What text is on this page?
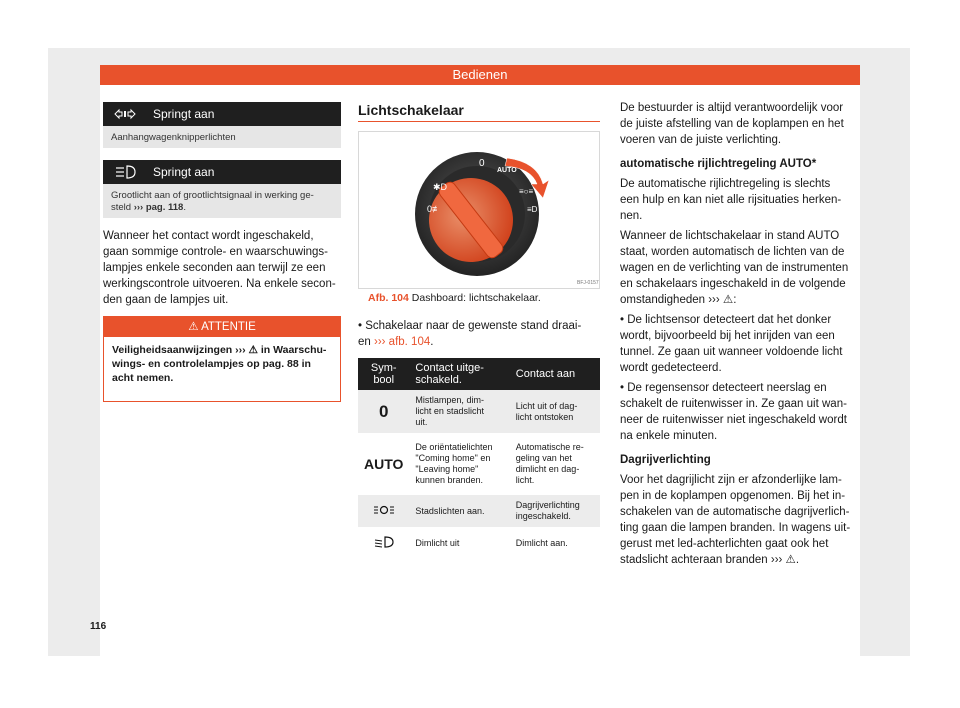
Bedienen
Springt aan
Aanhangwagenknipperlichten
Springt aan
Grootlicht aan of grootlichtsignaal in werking ge-
steld ››› pag. 118.
Wanneer het contact wordt ingeschakeld,
gaan sommige controle- en waarschuwings-
lampjes enkele seconden aan terwijl ze een
werkingscontrole uitvoeren. Na enkele secon-
den gaan de lampjes uit.
⚠ ATTENTIE
Veiligheidsaanwijzingen ››› ⚠ in Waarschu-
wings- en controlelampjes op pag. 88 in
acht nemen.
116
Lichtschakelaar
0
AUTO
✱D
0≢
≡○≡
≡D
BFJ-0157
Afb. 104 Dashboard: lichtschakelaar.
• Schakelaar naar de gewenste stand draai-
en ››› afb. 104.
Sym-
bool	Contact uitge-
schakeld.	Contact aan
0	Mistlampen, dim-
licht en stadslicht
uit.	Licht uit of dag-
licht ontstoken
AUTO	De oriëntatielichten
"Coming home" en
"Leaving home"
kunnen branden.	Automatische re-
geling van het
dimlicht en dag-
licht.
	Stadslichten aan.	Dagrijverlichting
ingeschakeld.
	Dimlicht uit	Dimlicht aan.
De bestuurder is altijd verantwoordelijk voor
de juiste afstelling van de koplampen en het
voeren van de juiste verlichting.
automatische rijlichtregeling AUTO*
De automatische rijlichtregeling is slechts
een hulp en kan niet alle rijsituaties herken-
nen.
Wanneer de lichtschakelaar in stand AUTO
staat, worden automatisch de lichten van de
wagen en de verlichting van de instrumenten
en schakelaars ingeschakeld in de volgende
omstandigheden ››› ⚠:
• De lichtsensor detecteert dat het donker
wordt, bijvoorbeeld bij het inrijden van een
tunnel. Ze gaan uit wanneer voldoende licht
wordt gedetecteerd.
• De regensensor detecteert neerslag en
schakelt de ruitenwisser in. Ze gaan uit wan-
neer de ruitenwisser niet ingeschakeld wordt
na enkele minuten.
Dagrijverlichting
Voor het dagrijlicht zijn er afzonderlijke lam-
pen in de koplampen opgenomen. Bij het in-
schakelen van de automatische dagrijverlich-
ting gaan die lampen branden. In wagens uit-
gerust met led-achterlichten gaat ook het
stadslicht achteraan branden ››› ⚠.
